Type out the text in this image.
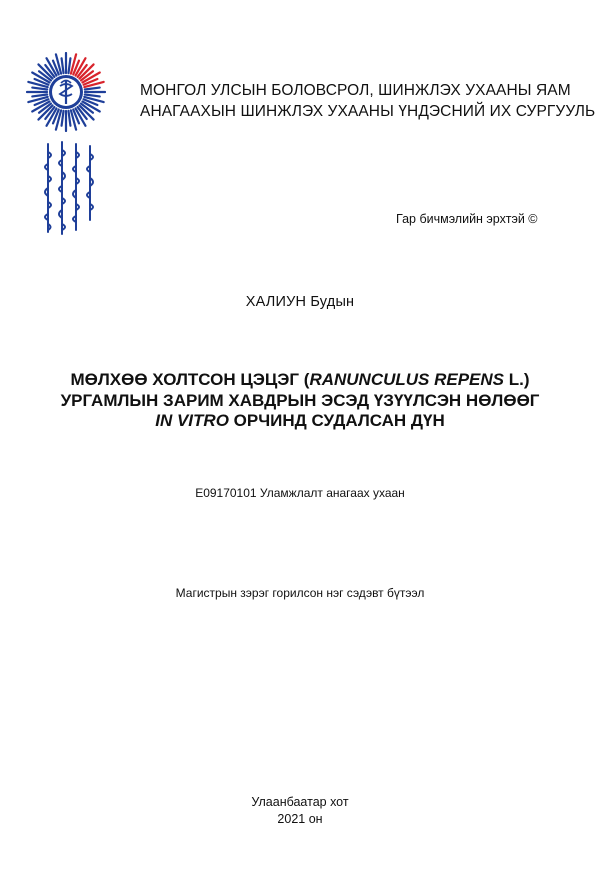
МОНГОЛ УЛСЫН БОЛОВСРОЛ, ШИНЖЛЭХ УХААНЫ ЯАМ
АНАГААХЫН ШИНЖЛЭХ УХААНЫ ҮНДЭСНИЙ ИХ СУРГУУЛЬ
Гар бичмэлийн эрхтэй ©
ХАЛИУН Будын
МӨЛХӨӨ ХОЛТСОН ЦЭЦЭГ (RANUNCULUS REPENS L.)
УРГАМЛЫН ЗАРИМ ХАВДРЫН ЭСЭД ҮЗҮҮЛСЭН НӨЛӨӨГ
IN VITRO ОРЧИНД СУДАЛСАН ДҮН
E09170101 Уламжлалт анагаах ухаан
Магистрын зэрэг горилсон нэг сэдэвт бүтээл
Улаанбаатар хот
2021 он
